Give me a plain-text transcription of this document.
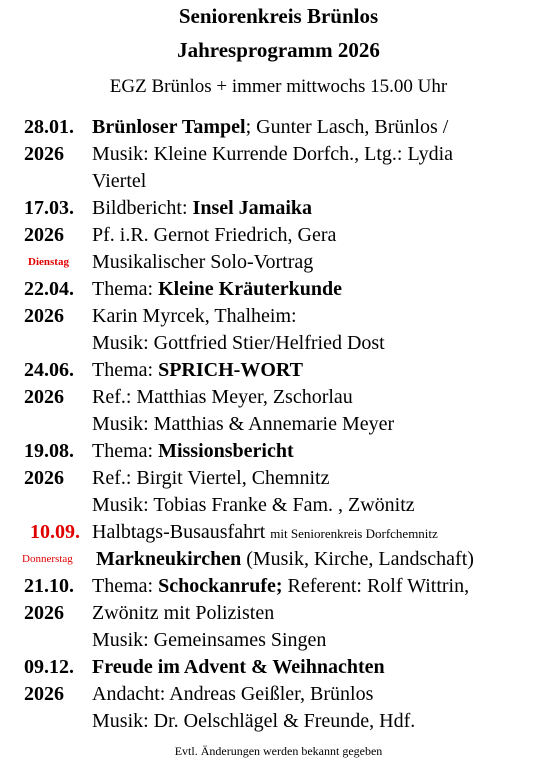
Seniorenkreis Brünlos
Jahresprogramm 2026
EGZ Brünlos + immer mittwochs 15.00 Uhr
28.01. Brünloser Tampel; Gunter Lasch, Brünlos /
2026 Musik: Kleine Kurrende Dorfch., Ltg.: Lydia
Viertel
17.03. Bildbericht: Insel Jamaika
2026 Pf. i.R. Gernot Friedrich, Gera
Dienstag Musikalischer Solo-Vortrag
22.04. Thema: Kleine Kräuterkunde
2026 Karin Myrcek, Thalheim:
Musik: Gottfried Stier/Helfried Dost
24.06. Thema: SPRICH-WORT
2026 Ref.: Matthias Meyer, Zschorlau
Musik: Matthias & Annemarie Meyer
19.08. Thema: Missionsbericht
2026 Ref.: Birgit Viertel, Chemnitz
Musik: Tobias Franke & Fam. , Zwönitz
10.09. Halbtags-Busausfahrt mit Seniorenkreis Dorfchemnitz
Donnerstag Markneukirchen (Musik, Kirche, Landschaft)
21.10. Thema: Schockanrufe; Referent: Rolf Wittrin,
2026 Zwönitz mit Polizisten
Musik: Gemeinsames Singen
09.12. Freude im Advent & Weihnachten
2026 Andacht: Andreas Geißler, Brünlos
Musik: Dr. Oelschlägel & Freunde, Hdf.
Evtl. Änderungen werden bekannt gegeben
